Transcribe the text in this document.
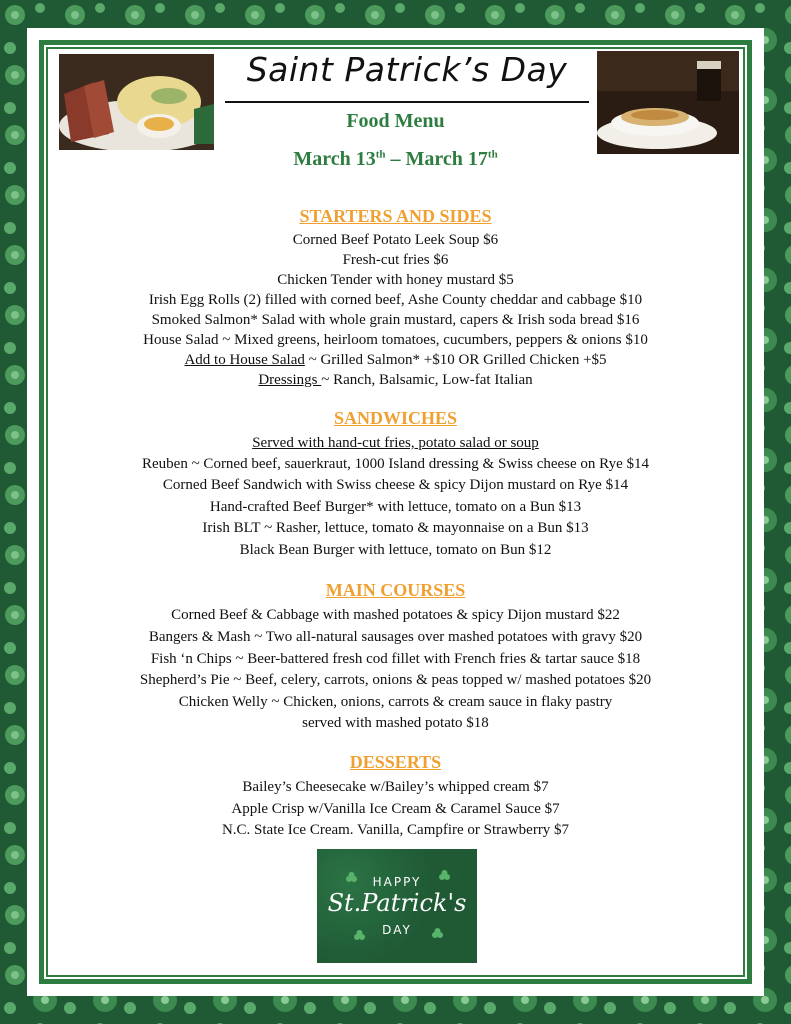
Saint Patrick’s Day
Food Menu
March 13th – March 17th
STARTERS AND SIDES
Corned Beef Potato Leek Soup $6
Fresh-cut fries $6
Chicken Tender with honey mustard $5
Irish Egg Rolls (2) filled with corned beef, Ashe County cheddar and cabbage $10
Smoked Salmon* Salad with whole grain mustard, capers & Irish soda bread $16
House Salad ~ Mixed greens, heirloom tomatoes, cucumbers, peppers & onions $10
Add to House Salad ~ Grilled Salmon* +$10 OR Grilled Chicken +$5
Dressings ~ Ranch, Balsamic, Low-fat Italian
SANDWICHES
Served with hand-cut fries, potato salad or soup
Reuben ~ Corned beef, sauerkraut, 1000 Island dressing & Swiss cheese on Rye $14
Corned Beef Sandwich with Swiss cheese & spicy Dijon mustard on Rye $14
Hand-crafted Beef Burger* with lettuce, tomato on a Bun $13
Irish BLT ~ Rasher, lettuce, tomato & mayonnaise on a Bun $13
Black Bean Burger with lettuce, tomato on Bun $12
MAIN COURSES
Corned Beef & Cabbage with mashed potatoes & spicy Dijon mustard $22
Bangers & Mash ~ Two all-natural sausages over mashed potatoes with gravy $20
Fish ‘n Chips ~ Beer-battered fresh cod fillet with French fries & tartar sauce $18
Shepherd’s Pie ~ Beef, celery, carrots, onions & peas topped w/ mashed potatoes $20
Chicken Welly ~ Chicken, onions, carrots & cream sauce in flaky pastry
served with mashed potato $18
DESSERTS
Bailey’s Cheesecake w/Bailey’s whipped cream $7
Apple Crisp w/Vanilla Ice Cream & Caramel Sauce $7
N.C. State Ice Cream. Vanilla, Campfire or Strawberry $7
HAPPY
St.Patrick's
DAY
